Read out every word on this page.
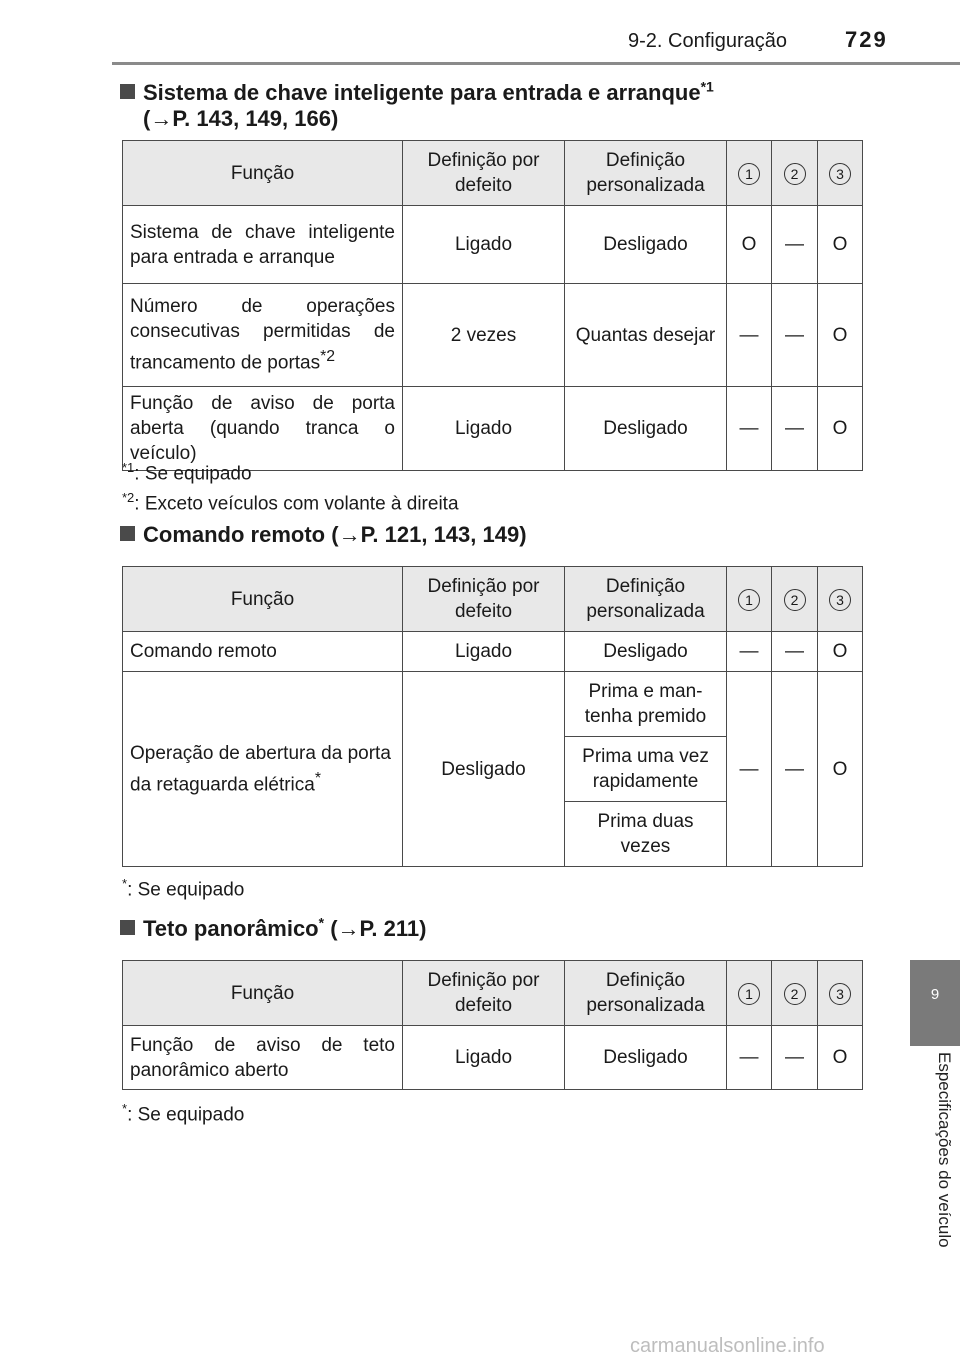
9-2. Configuração	729
9
Especificações do veículo
Sistema de chave inteligente para entrada e arranque$^{*1}$
(→P. 143, 149, 166)
Função	Definição por defeito	Definição personalizada	1	2	3
Sistema de chave inteligente para entrada e arranque	Ligado	Desligado	O	—	O
Número de operações consecutivas permitidas de trancamento de portas$^{*2}$	2 vezes	Quantas desejar	—	—	O
Função de aviso de porta aberta (quando tranca o veículo)	Ligado	Desligado	—	—	O
$^{*1}$: Se equipado
$^{*2}$: Exceto veículos com volante à direita
Comando remoto (→P. 121, 143, 149)
Função	Definição por defeito	Definição personalizada	1	2	3
Comando remoto	Ligado	Desligado	—	—	O
Operação de abertura da porta da retaguarda elétrica*	Desligado	Prima e man-tenha premido	—	—	O
		Prima uma vez rapidamente			
		Prima duas vezes			
*: Se equipado
Teto panorâmico* (→P. 211)
Função	Definição por defeito	Definição personalizada	1	2	3
Função de aviso de teto panorâmico aberto	Ligado	Desligado	—	—	O
*: Se equipado
carmanualsonline.info
